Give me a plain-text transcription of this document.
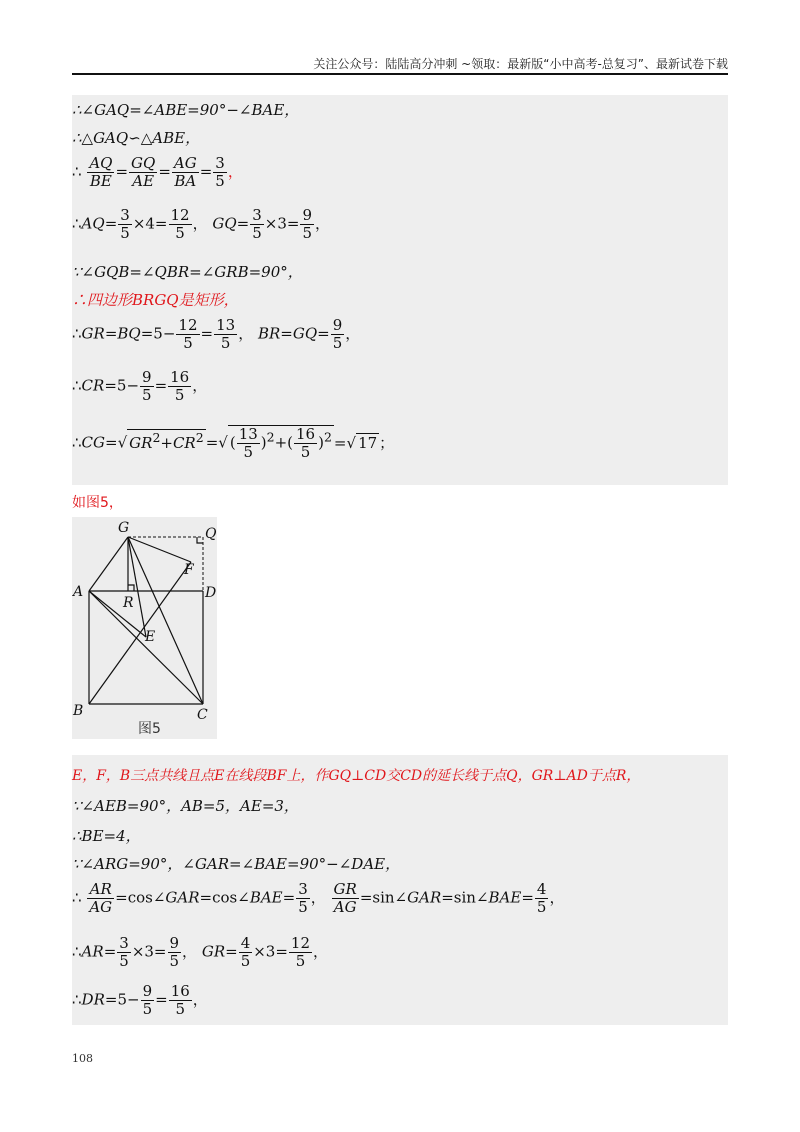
关注公众号：陆陆高分冲刺 ~领取：最新版“小中高考-总复习”、最新试卷下载
∴∠GAQ=∠ABE=90°−∠BAE，
∴△GAQ∽△ABE，
∴ $\frac{AQ}{BE} = \frac{GQ}{AE} = \frac{AG}{BA} = \frac{3}{5}$ ，
∴AQ= $\frac{3}{5} \times 4= \frac{12}{5}$ ， $GQ= \frac{3}{5} \times 3= \frac{9}{5}$ ，
∵∠GQB=∠QBR=∠GRB=90°，
∴四边形BRGQ是矩形，
∴GR=BQ=5− $\frac{12}{5} = \frac{13}{5}$ ， $BR=GQ= \frac{9}{5}$ ，
∴CR=5− $\frac{9}{5} = \frac{16}{5}$ ，
∴CG=√ $GR^2+CR^2$ =√ ( $\frac{13}{5} )^2+( \frac{16}{5} )^2$ =√ 17 ；
如图5，
G	Q
F
A
R
D
E
B	C
图5
E，F，B三点共线且点E在线段BF上，作GQ⊥CD交CD的延长线于点Q，GR⊥AD于点R，
∵∠AEB=90°，AB=5，AE=3，
∴BE=4，
∵∠ARG=90°，∠GAR=∠BAE=90°−∠DAE，
∴ $\frac{AR}{AG}$ =cos∠GAR=cos∠BAE= $\frac{3}{5}$ ， $\frac{GR}{AG}$ =sin∠GAR=sin∠BAE= $\frac{4}{5}$ ，
∴AR= $\frac{3}{5} \times 3= \frac{9}{5}$ ， $GR= \frac{4}{5} \times 3= \frac{12}{5}$ ，
∴DR=5− $\frac{9}{5} = \frac{16}{5}$ ，
108
